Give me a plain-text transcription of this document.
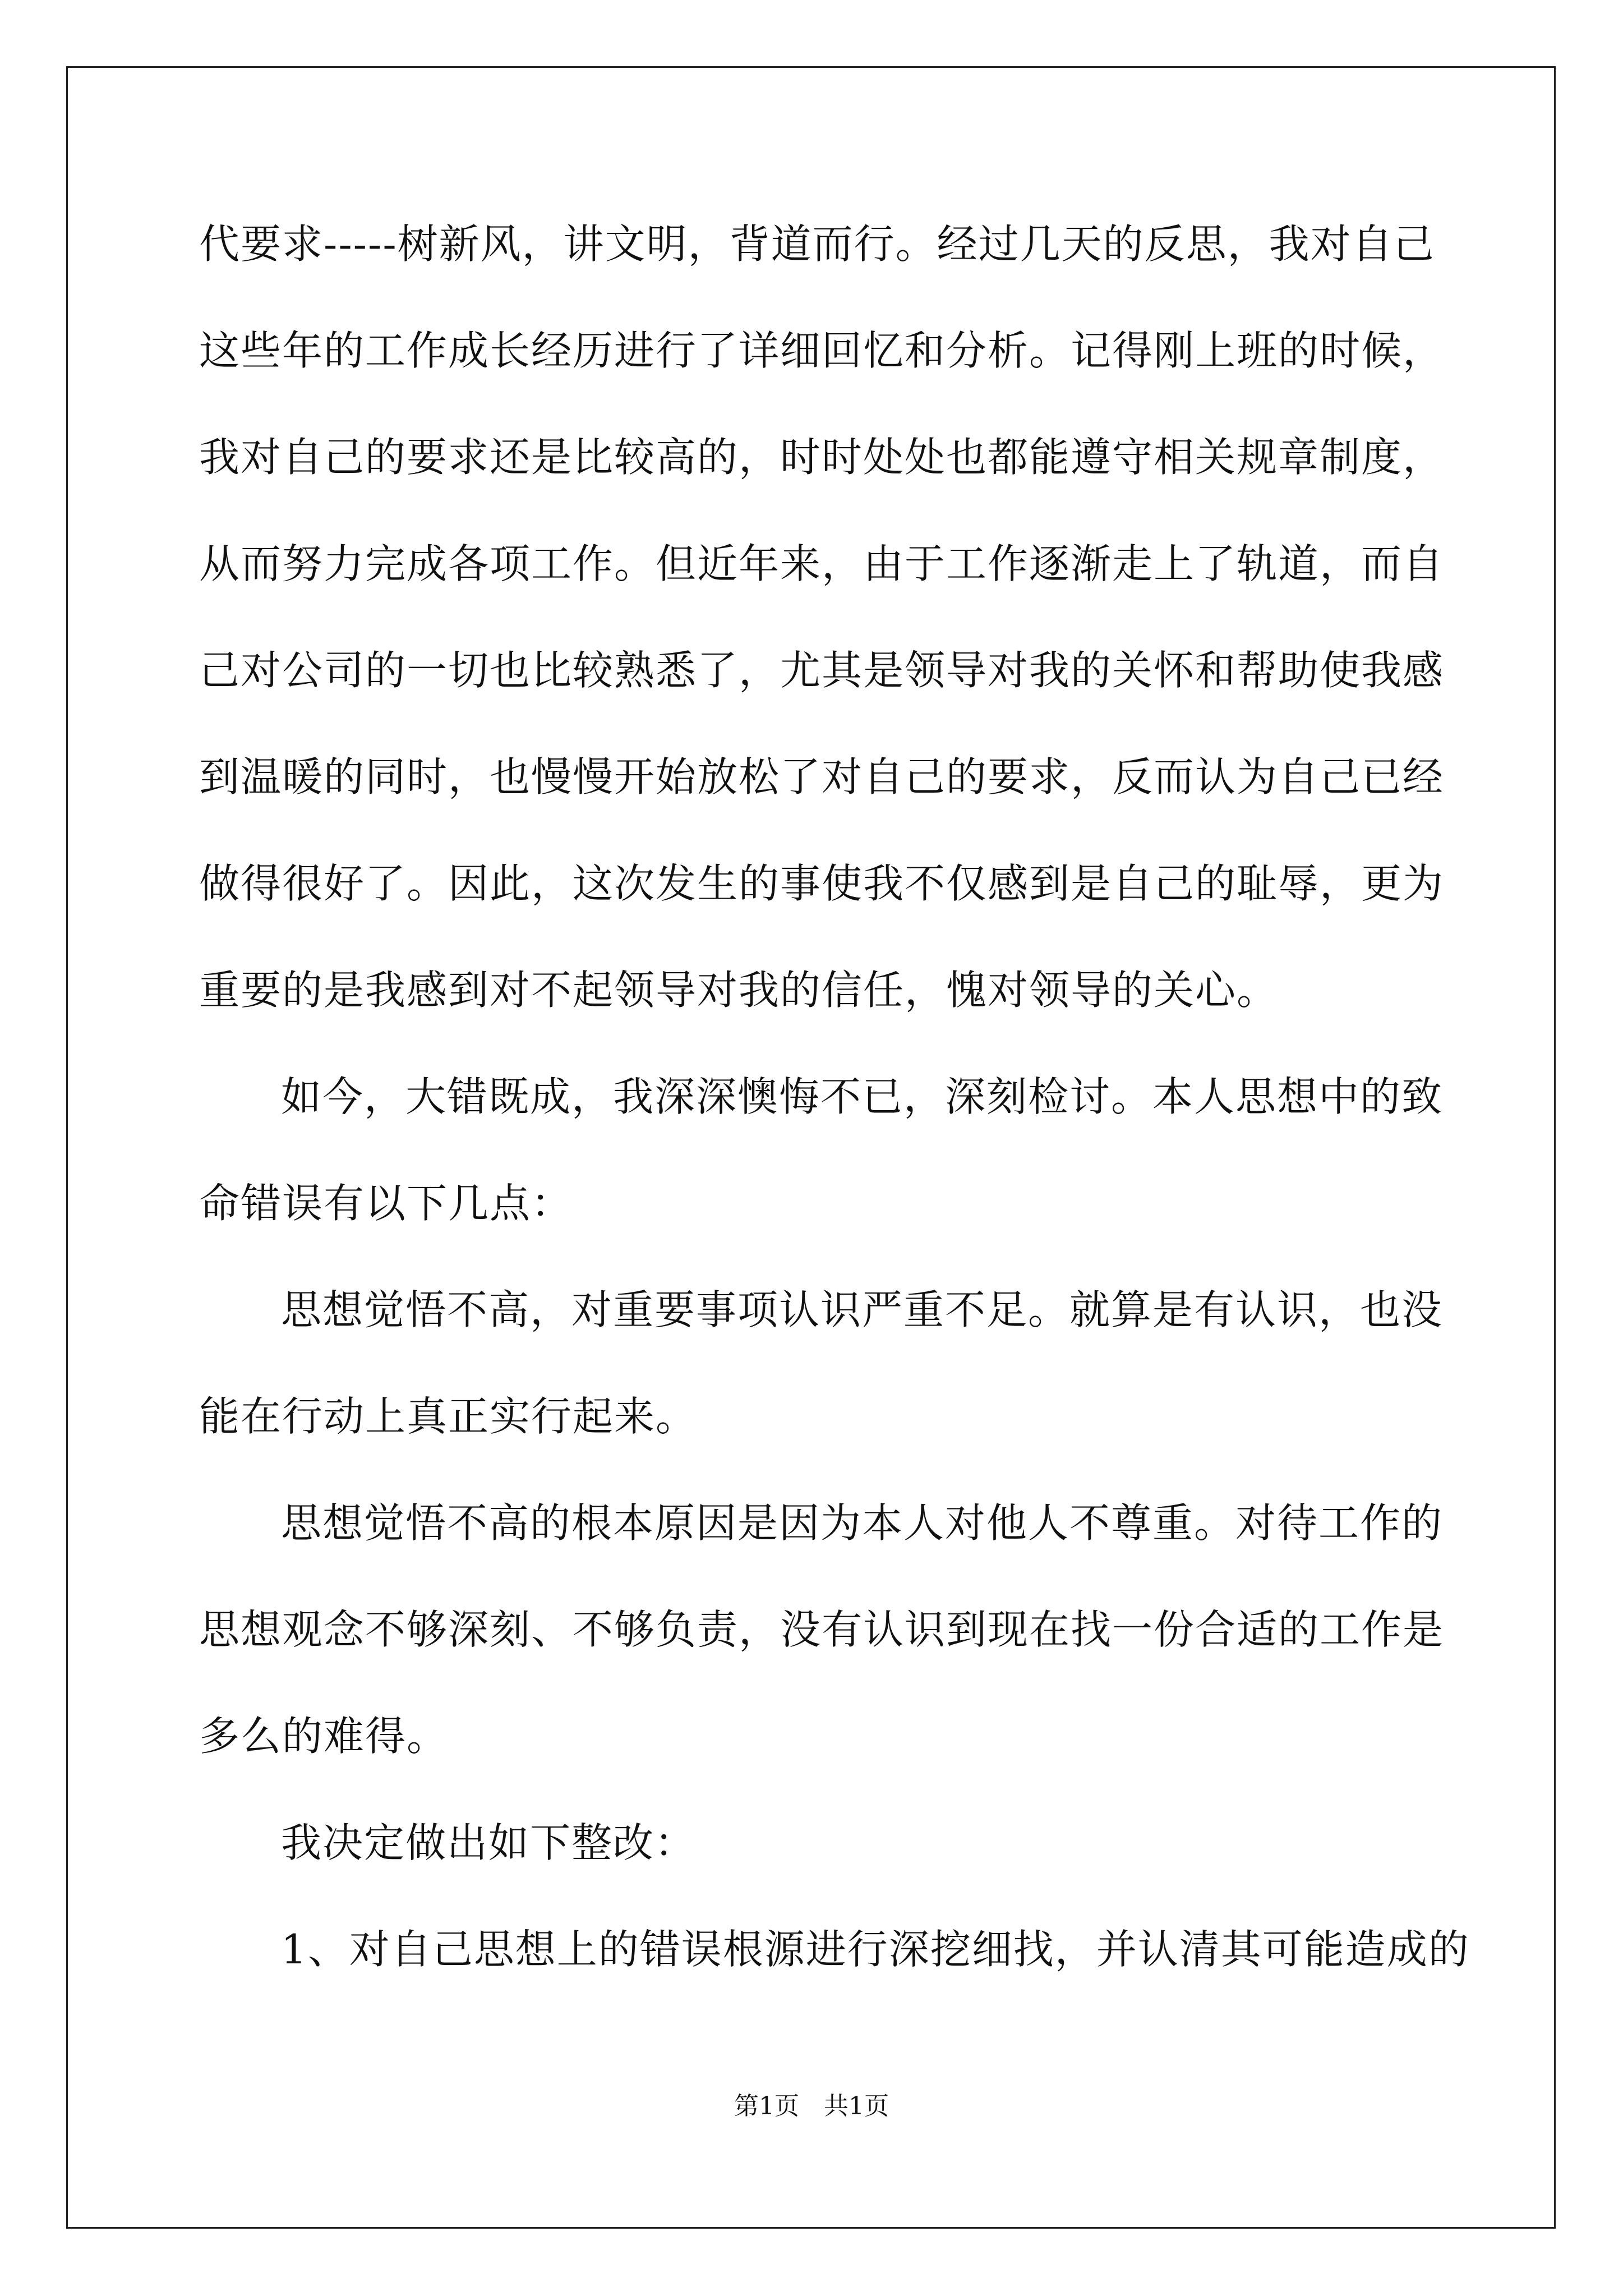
代要求-----树新风，讲文明，背道而行。经过几天的反思，我对自己
这些年的工作成长经历进行了详细回忆和分析。记得刚上班的时候，
我对自己的要求还是比较高的，时时处处也都能遵守相关规章制度，
从而努力完成各项工作。但近年来，由于工作逐渐走上了轨道，而自
己对公司的一切也比较熟悉了，尤其是领导对我的关怀和帮助使我感
到温暖的同时，也慢慢开始放松了对自己的要求，反而认为自己已经
做得很好了。因此，这次发生的事使我不仅感到是自己的耻辱，更为
重要的是我感到对不起领导对我的信任，愧对领导的关心。
如今，大错既成，我深深懊悔不已，深刻检讨。本人思想中的致
命错误有以下几点：
思想觉悟不高，对重要事项认识严重不足。就算是有认识，也没
能在行动上真正实行起来。
思想觉悟不高的根本原因是因为本人对他人不尊重。对待工作的
思想观念不够深刻、不够负责，没有认识到现在找一份合适的工作是
多么的难得。
我决定做出如下整改：
1、对自己思想上的错误根源进行深挖细找，并认清其可能造成的
第1页　共1页
